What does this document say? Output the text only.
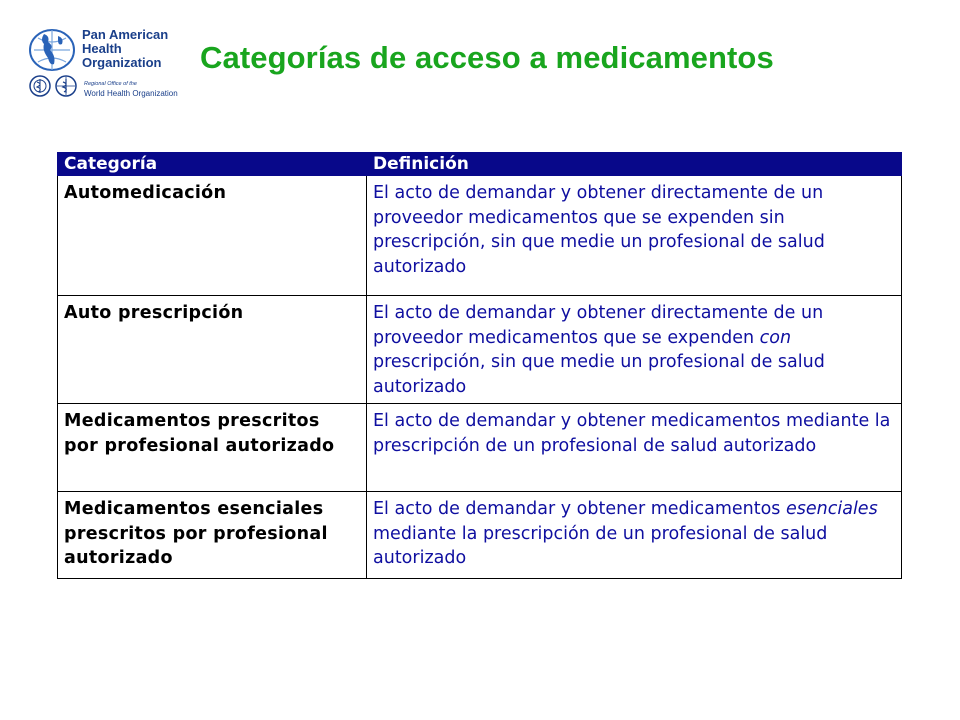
Pan American
Health
Organization
Regional Office of the
World Health Organization
Categorías de acceso a medicamentos
Categoría	Definición
Automedicación	El acto de demandar y obtener directamente de un proveedor medicamentos que se expenden sin prescripción, sin que medie un profesional de salud autorizado
Auto prescripción	El acto de demandar y obtener directamente de un proveedor medicamentos que se expenden con prescripción, sin que medie un profesional de salud autorizado
Medicamentos prescritos por profesional autorizado	El acto de demandar y obtener medicamentos mediante la prescripción de un profesional de salud autorizado
Medicamentos esenciales prescritos por profesional autorizado	El acto de demandar y obtener medicamentos esenciales mediante la prescripción de un profesional de salud autorizado
